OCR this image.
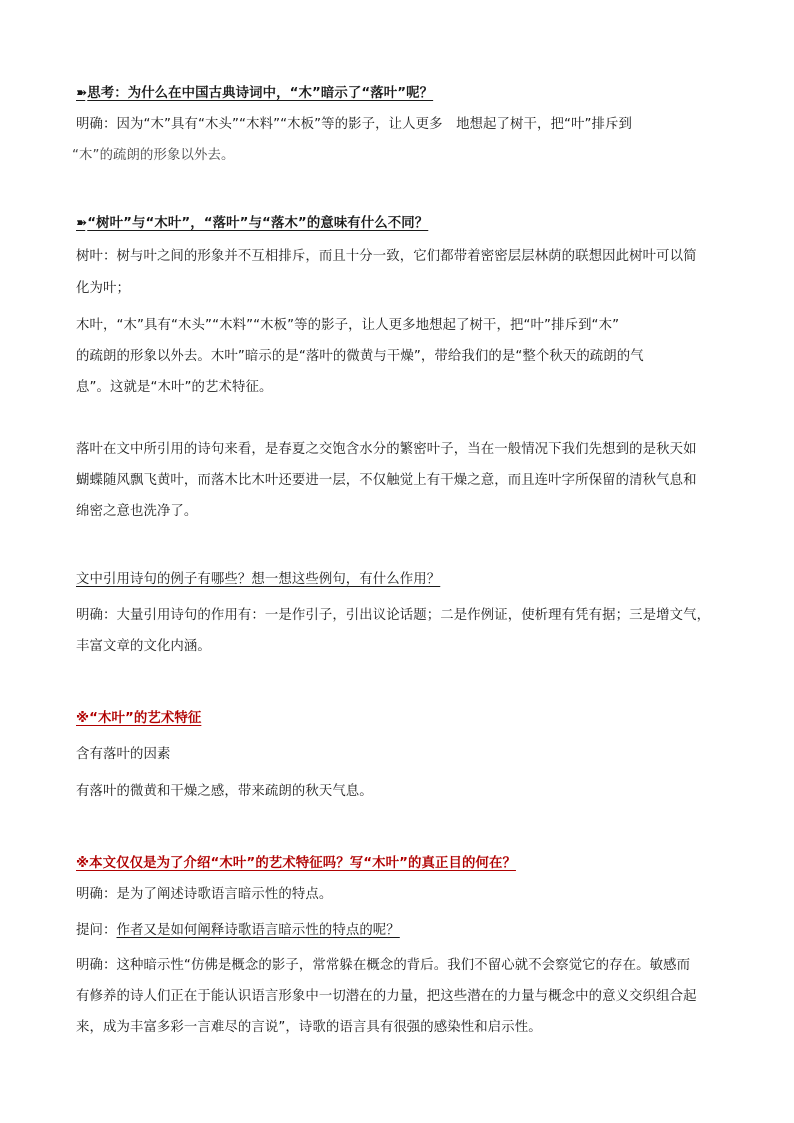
➽ 思考：为什么在中国古典诗词中，“木”暗示了“落叶”呢？
明确：因为“木”具有“木头”“木料”“木板”等的影子，让人更多　地想起了树干，把“叶”排斥到
“木”的疏朗的形象以外去。
➽ “树叶”与“木叶”，“落叶”与“落木”的意味有什么不同？
树叶：树与叶之间的形象并不互相排斥，而且十分一致，它们都带着密密层层林荫的联想因此树叶可以简
化为叶；
木叶，“木”具有“木头”“木料”“木板”等的影子，让人更多地想起了树干，把“叶”排斥到“木”
的疏朗的形象以外去。木叶”暗示的是“落叶的微黄与干燥”，带给我们的是“整个秋天的疏朗的气
息”。这就是“木叶”的艺术特征。
落叶在文中所引用的诗句来看，是春夏之交饱含水分的繁密叶子，当在一般情况下我们先想到的是秋天如
蝴蝶随风飘飞黄叶，而落木比木叶还要进一层，不仅触觉上有干燥之意，而且连叶字所保留的清秋气息和
绵密之意也洗净了。
文中引用诗句的例子有哪些？想一想这些例句，有什么作用？
明确：大量引用诗句的作用有：一是作引子，引出议论话题；二是作例证，使析理有凭有据；三是增文气，
丰富文章的文化内涵。
※“木叶”的艺术特征
含有落叶的因素
有落叶的微黄和干燥之感，带来疏朗的秋天气息。
※本文仅仅是为了介绍“木叶”的艺术特征吗？写“木叶”的真正目的何在？
明确：是为了阐述诗歌语言暗示性的特点。
提问：作者又是如何阐释诗歌语言暗示性的特点的呢？
明确：这种暗示性“仿佛是概念的影子，常常躲在概念的背后。我们不留心就不会察觉它的存在。敏感而
有修养的诗人们正在于能认识语言形象中一切潜在的力量，把这些潜在的力量与概念中的意义交织组合起
来，成为丰富多彩一言难尽的言说”，诗歌的语言具有很强的感染性和启示性。
